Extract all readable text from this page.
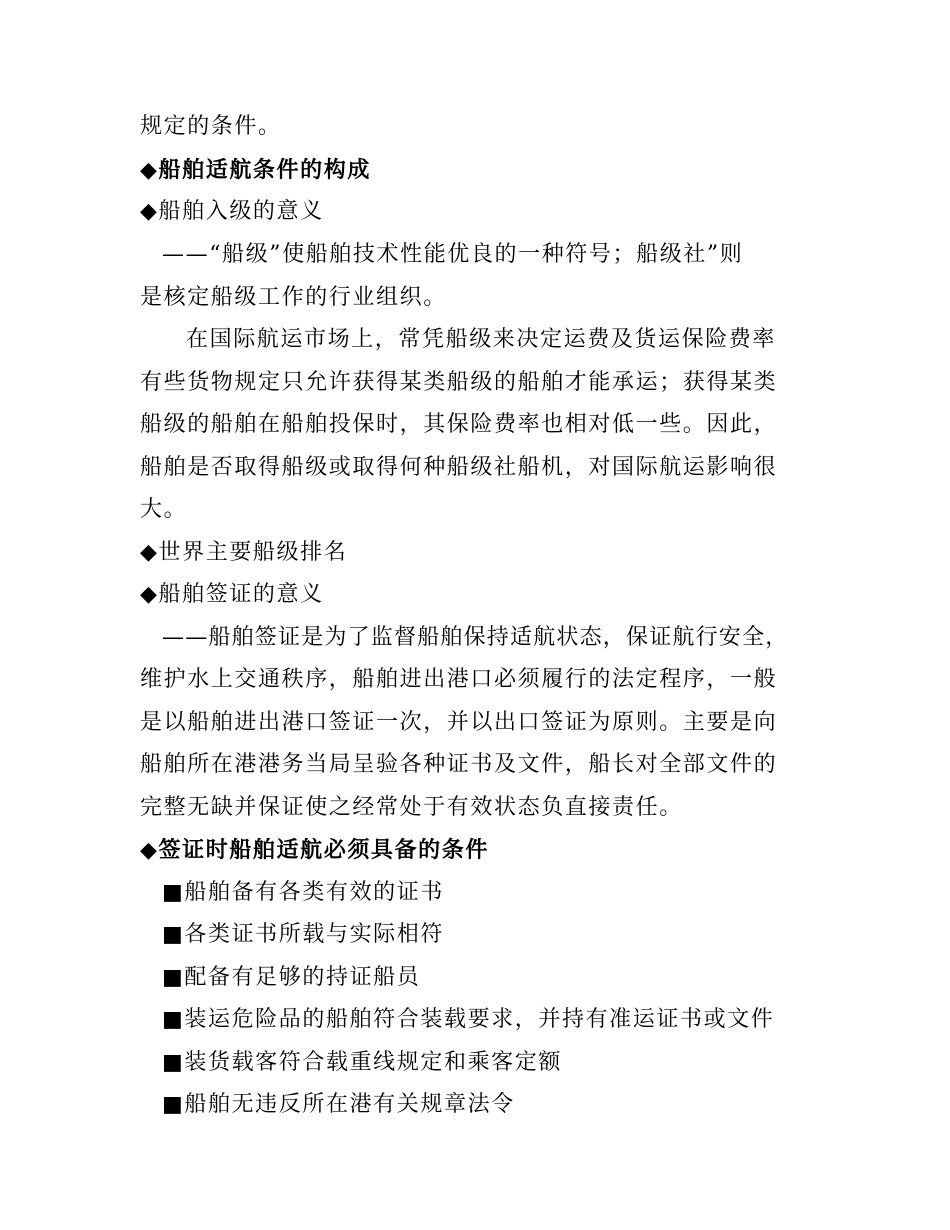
规定的条件。
◆船舶适航条件的构成
◆船舶入级的意义
——“船级”使船舶技术性能优良的一种符号；船级社”则
是核定船级工作的行业组织。
在国际航运市场上，常凭船级来决定运费及货运保险费率
有些货物规定只允许获得某类船级的船舶才能承运；获得某类
船级的船舶在船舶投保时，其保险费率也相对低一些。因此，
船舶是否取得船级或取得何种船级社船机，对国际航运影响很
大。
◆世界主要船级排名
◆船舶签证的意义
——船舶签证是为了监督船舶保持适航状态，保证航行安全，
维护水上交通秩序，船舶进出港口必须履行的法定程序，一般
是以船舶进出港口签证一次，并以出口签证为原则。主要是向
船舶所在港港务当局呈验各种证书及文件，船长对全部文件的
完整无缺并保证使之经常处于有效状态负直接责任。
◆签证时船舶适航必须具备的条件
■船舶备有各类有效的证书
■各类证书所载与实际相符
■配备有足够的持证船员
■装运危险品的船舶符合装载要求，并持有准运证书或文件
■装货载客符合载重线规定和乘客定额
■船舶无违反所在港有关规章法令
